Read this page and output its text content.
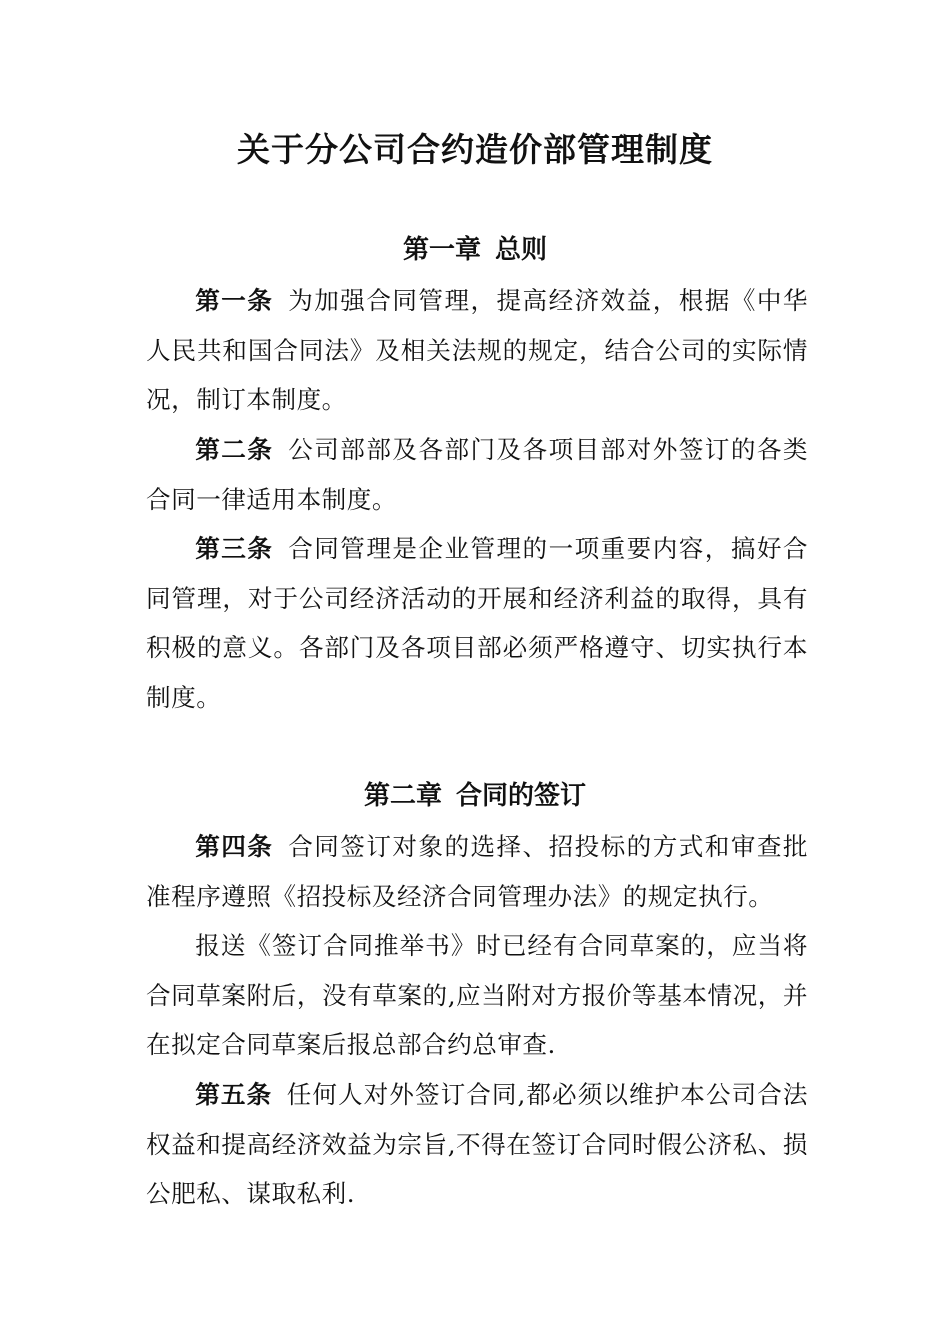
关于分公司合约造价部管理制度
第一章 总则

第一条 为加强合同管理，提高经济效益，根据《中华人民共和国合同法》及相关法规的规定，结合公司的实际情况，制订本制度。

第二条 公司部部及各部门及各项目部对外签订的各类合同一律适用本制度。

第三条 合同管理是企业管理的一项重要内容，搞好合同管理，对于公司经济活动的开展和经济利益的取得，具有积极的意义。各部门及各项目部必须严格遵守、切实执行本制度。

第二章 合同的签订

第四条 合同签订对象的选择、招投标的方式和审查批准程序遵照《招投标及经济合同管理办法》的规定执行。

报送《签订合同推举书》时已经有合同草案的，应当将合同草案附后，没有草案的,应当附对方报价等基本情况，并在拟定合同草案后报总部合约总审查.

第五条 任何人对外签订合同,都必须以维护本公司合法权益和提高经济效益为宗旨,不得在签订合同时假公济私、损公肥私、谋取私利.
